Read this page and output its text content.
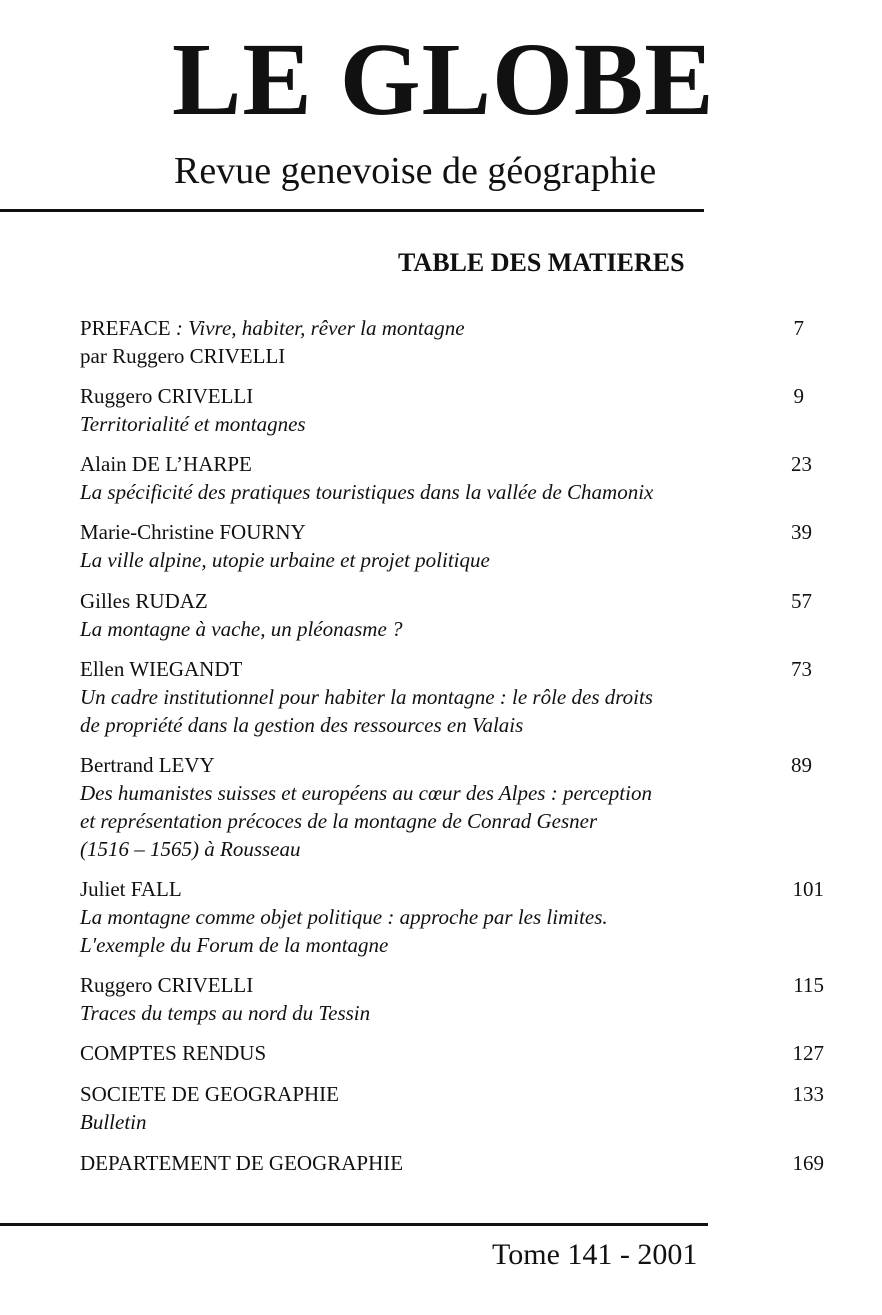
LE GLOBE
Revue genevoise de géographie
TABLE DES MATIERES
PREFACE : Vivre, habiter, rêver la montagne
par Ruggero CRIVELLI
7
Ruggero CRIVELLI
Territorialité et montagnes
9
Alain DE L’HARPE
La spécificité des pratiques touristiques dans la vallée de Chamonix
23
Marie-Christine FOURNY
La ville alpine, utopie urbaine et projet politique
39
Gilles RUDAZ
La montagne à vache, un pléonasme ?
57
Ellen WIEGANDT
Un cadre institutionnel pour habiter la montagne : le rôle des droits
de propriété dans la gestion des ressources en Valais
73
Bertrand LEVY
Des humanistes suisses et européens au cœur des Alpes : perception
et représentation précoces de la montagne de Conrad Gesner
(1516 – 1565) à Rousseau
89
Juliet FALL
La montagne comme objet politique : approche par les limites.
L'exemple du Forum de la montagne
101
Ruggero CRIVELLI
Traces du temps au nord du Tessin
115
COMPTES RENDUS	127
SOCIETE DE GEOGRAPHIE
Bulletin
133
DEPARTEMENT DE GEOGRAPHIE	169
Tome 141 - 2001
